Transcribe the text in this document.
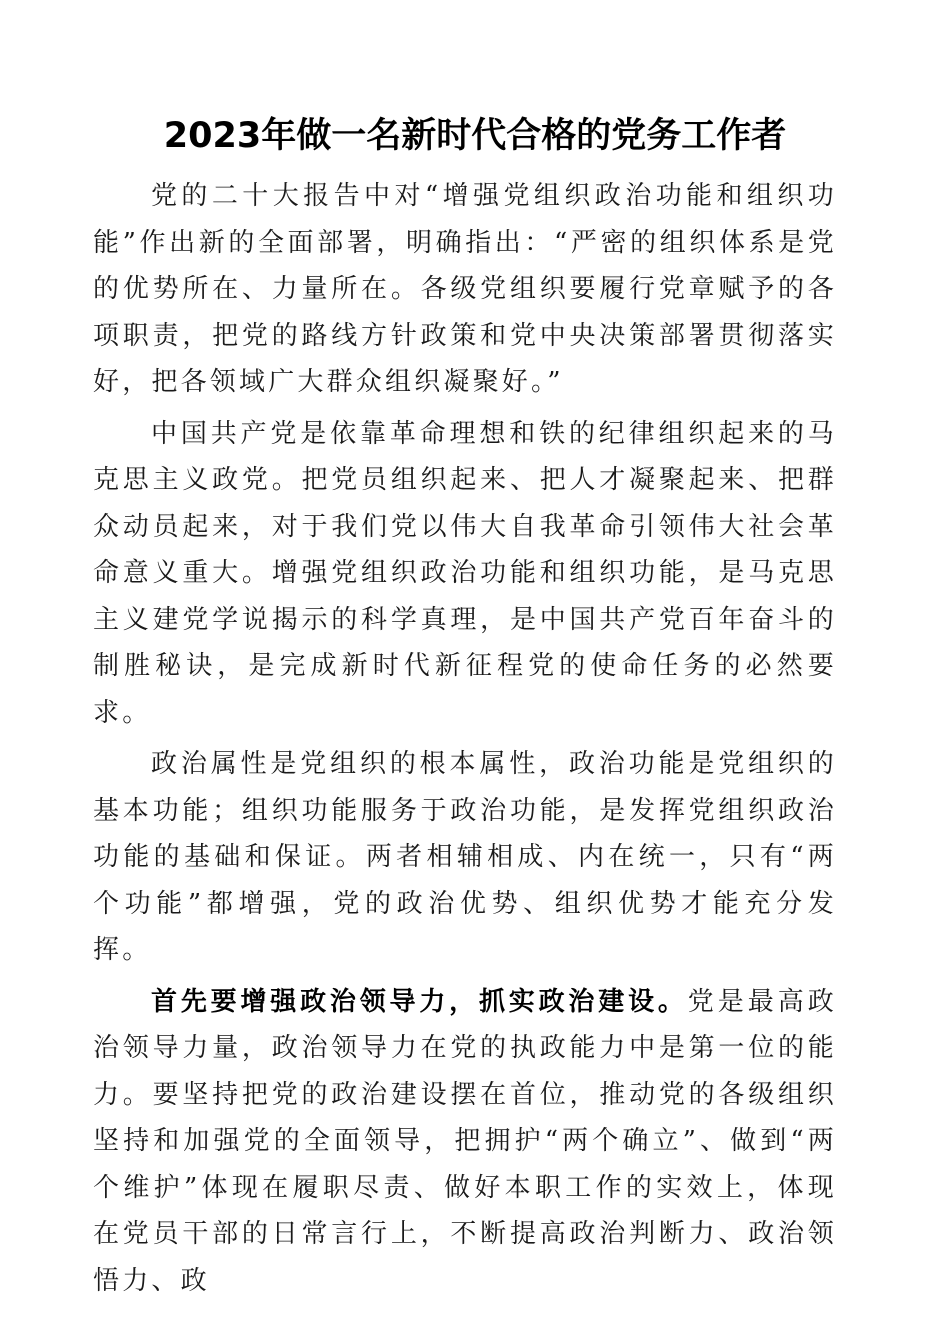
2023年做一名新时代合格的党务工作者

党的二十大报告中对“增强党组织政治功能和组织功能”作出新的全面部署，明确指出：“严密的组织体系是党的优势所在、力量所在。各级党组织要履行党章赋予的各项职责，把党的路线方针政策和党中央决策部署贯彻落实好，把各领域广大群众组织凝聚好。”

中国共产党是依靠革命理想和铁的纪律组织起来的马克思主义政党。把党员组织起来、把人才凝聚起来、把群众动员起来，对于我们党以伟大自我革命引领伟大社会革命意义重大。增强党组织政治功能和组织功能，是马克思主义建党学说揭示的科学真理，是中国共产党百年奋斗的制胜秘诀，是完成新时代新征程党的使命任务的必然要求。

政治属性是党组织的根本属性，政治功能是党组织的基本功能；组织功能服务于政治功能，是发挥党组织政治功能的基础和保证。两者相辅相成、内在统一，只有“两个功能”都增强，党的政治优势、组织优势才能充分发挥。

首先要增强政治领导力，抓实政治建设。党是最高政治领导力量，政治领导力在党的执政能力中是第一位的能力。要坚持把党的政治建设摆在首位，推动党的各级组织坚持和加强党的全面领导，把拥护“两个确立”、做到“两个维护”体现在履职尽责、做好本职工作的实效上，体现在党员干部的日常言行上，不断提高政治判断力、政治领悟力、政
